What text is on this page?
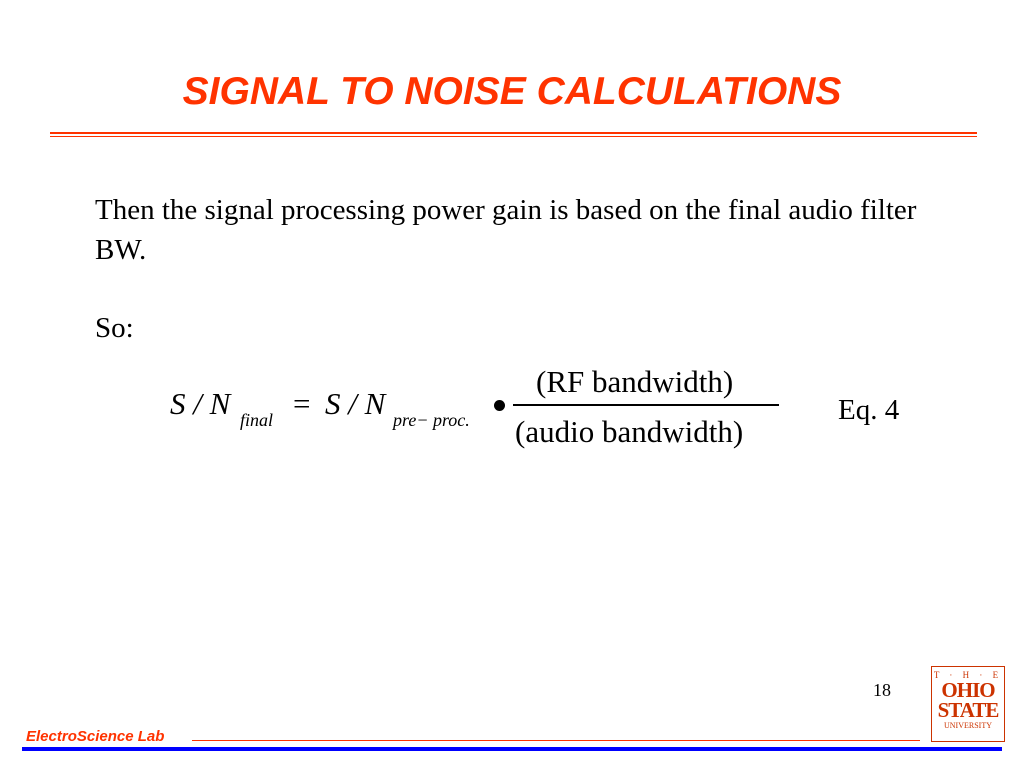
SIGNAL TO NOISE CALCULATIONS
Then the signal processing power gain is based on the final audio filter BW.
So:
S / N final = S / N pre− proc.
(RF bandwidth)
(audio bandwidth)
Eq. 4
18
ElectroScience Lab
T · H · E
OHIO
STATE
UNIVERSITY
